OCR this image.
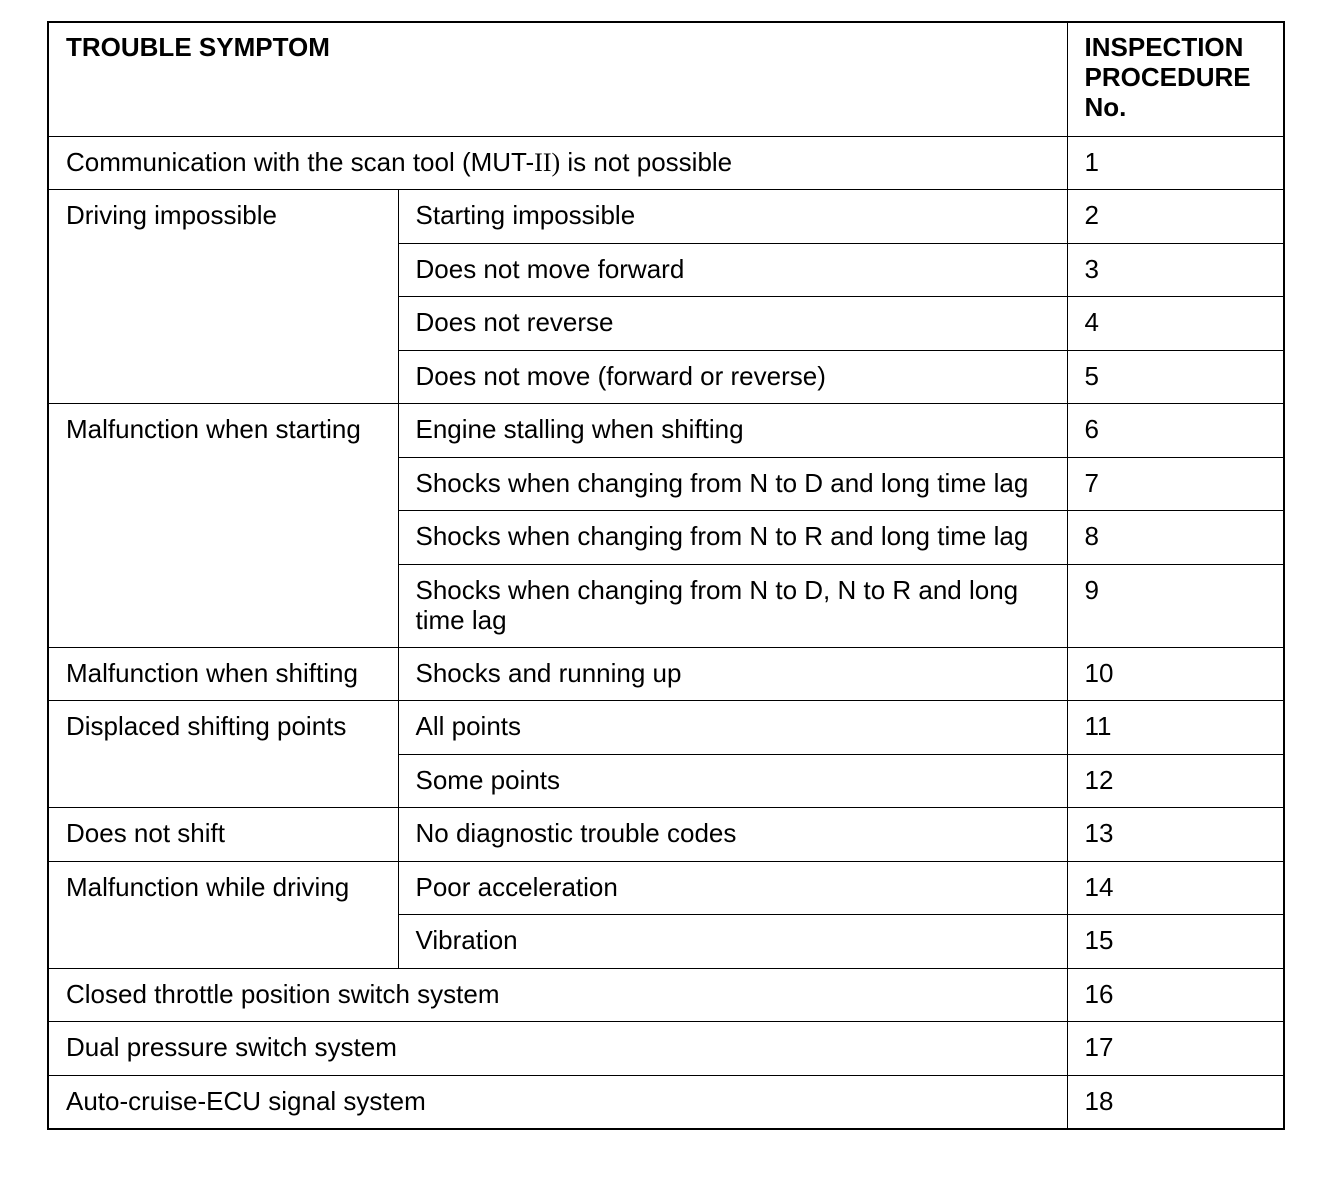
TROUBLE SYMPTOM		INSPECTION
PROCEDURE
No.
Communication with the scan tool (MUT-II) is not possible		1
Driving impossible	Starting impossible	2
	Does not move forward	3
	Does not reverse	4
	Does not move (forward or reverse)	5
Malfunction when starting	Engine stalling when shifting	6
	Shocks when changing from N to D and long time lag	7
	Shocks when changing from N to R and long time lag	8
	Shocks when changing from N to D, N to R and long time lag	9
Malfunction when shifting	Shocks and running up	10
Displaced shifting points	All points	11
	Some points	12
Does not shift	No diagnostic trouble codes	13
Malfunction while driving	Poor acceleration	14
	Vibration	15
Closed throttle position switch system		16
Dual pressure switch system		17
Auto-cruise-ECU signal system		18
